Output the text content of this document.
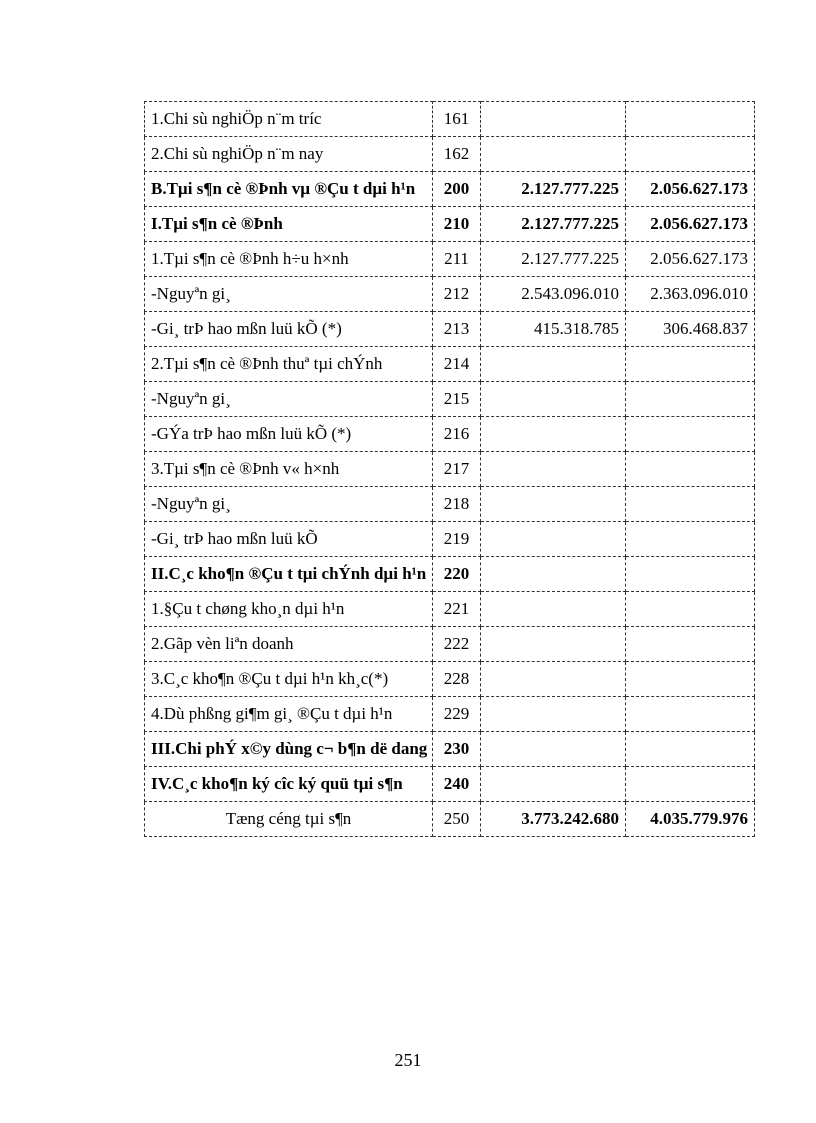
1.Chi sù nghiÖp n¨m tríc	161		
2.Chi sù nghiÖp n¨m nay	162		
B.Tµi s¶n cè ®Þnh vµ ®Çu t dµi h¹n	200	2.127.777.225	2.056.627.173
I.Tµi s¶n cè ®Þnh	210	2.127.777.225	2.056.627.173
1.Tµi s¶n cè ®Þnh h÷u h×nh	211	2.127.777.225	2.056.627.173
-Nguyªn gi¸	212	2.543.096.010	2.363.096.010
-Gi¸ trÞ hao mßn luü kÕ (*)	213	415.318.785	306.468.837
2.Tµi s¶n cè ®Þnh thuª tµi chÝnh	214		
-Nguyªn gi¸	215		
-GÝa trÞ hao mßn luü kÕ (*)	216		
3.Tµi s¶n cè ®Þnh v« h×nh	217		
-Nguyªn gi¸	218		
-Gi¸ trÞ hao mßn luü kÕ	219		
II.C¸c kho¶n ®Çu t tµi chÝnh dµi h¹n	220		
1.§Çu t chøng kho¸n dµi h¹n	221		
2.Gãp vèn liªn doanh	222		
3.C¸c kho¶n ®Çu t dµi h¹n kh¸c(*)	228		
4.Dù phßng gi¶m gi¸ ®Çu t dµi h¹n	229		
III.Chi phÝ x©y dùng c¬ b¶n dë dang	230		
IV.C¸c kho¶n ký cîc ký quü tµi s¶n	240		
Tæng céng tµi s¶n	250	3.773.242.680	4.035.779.976
251
